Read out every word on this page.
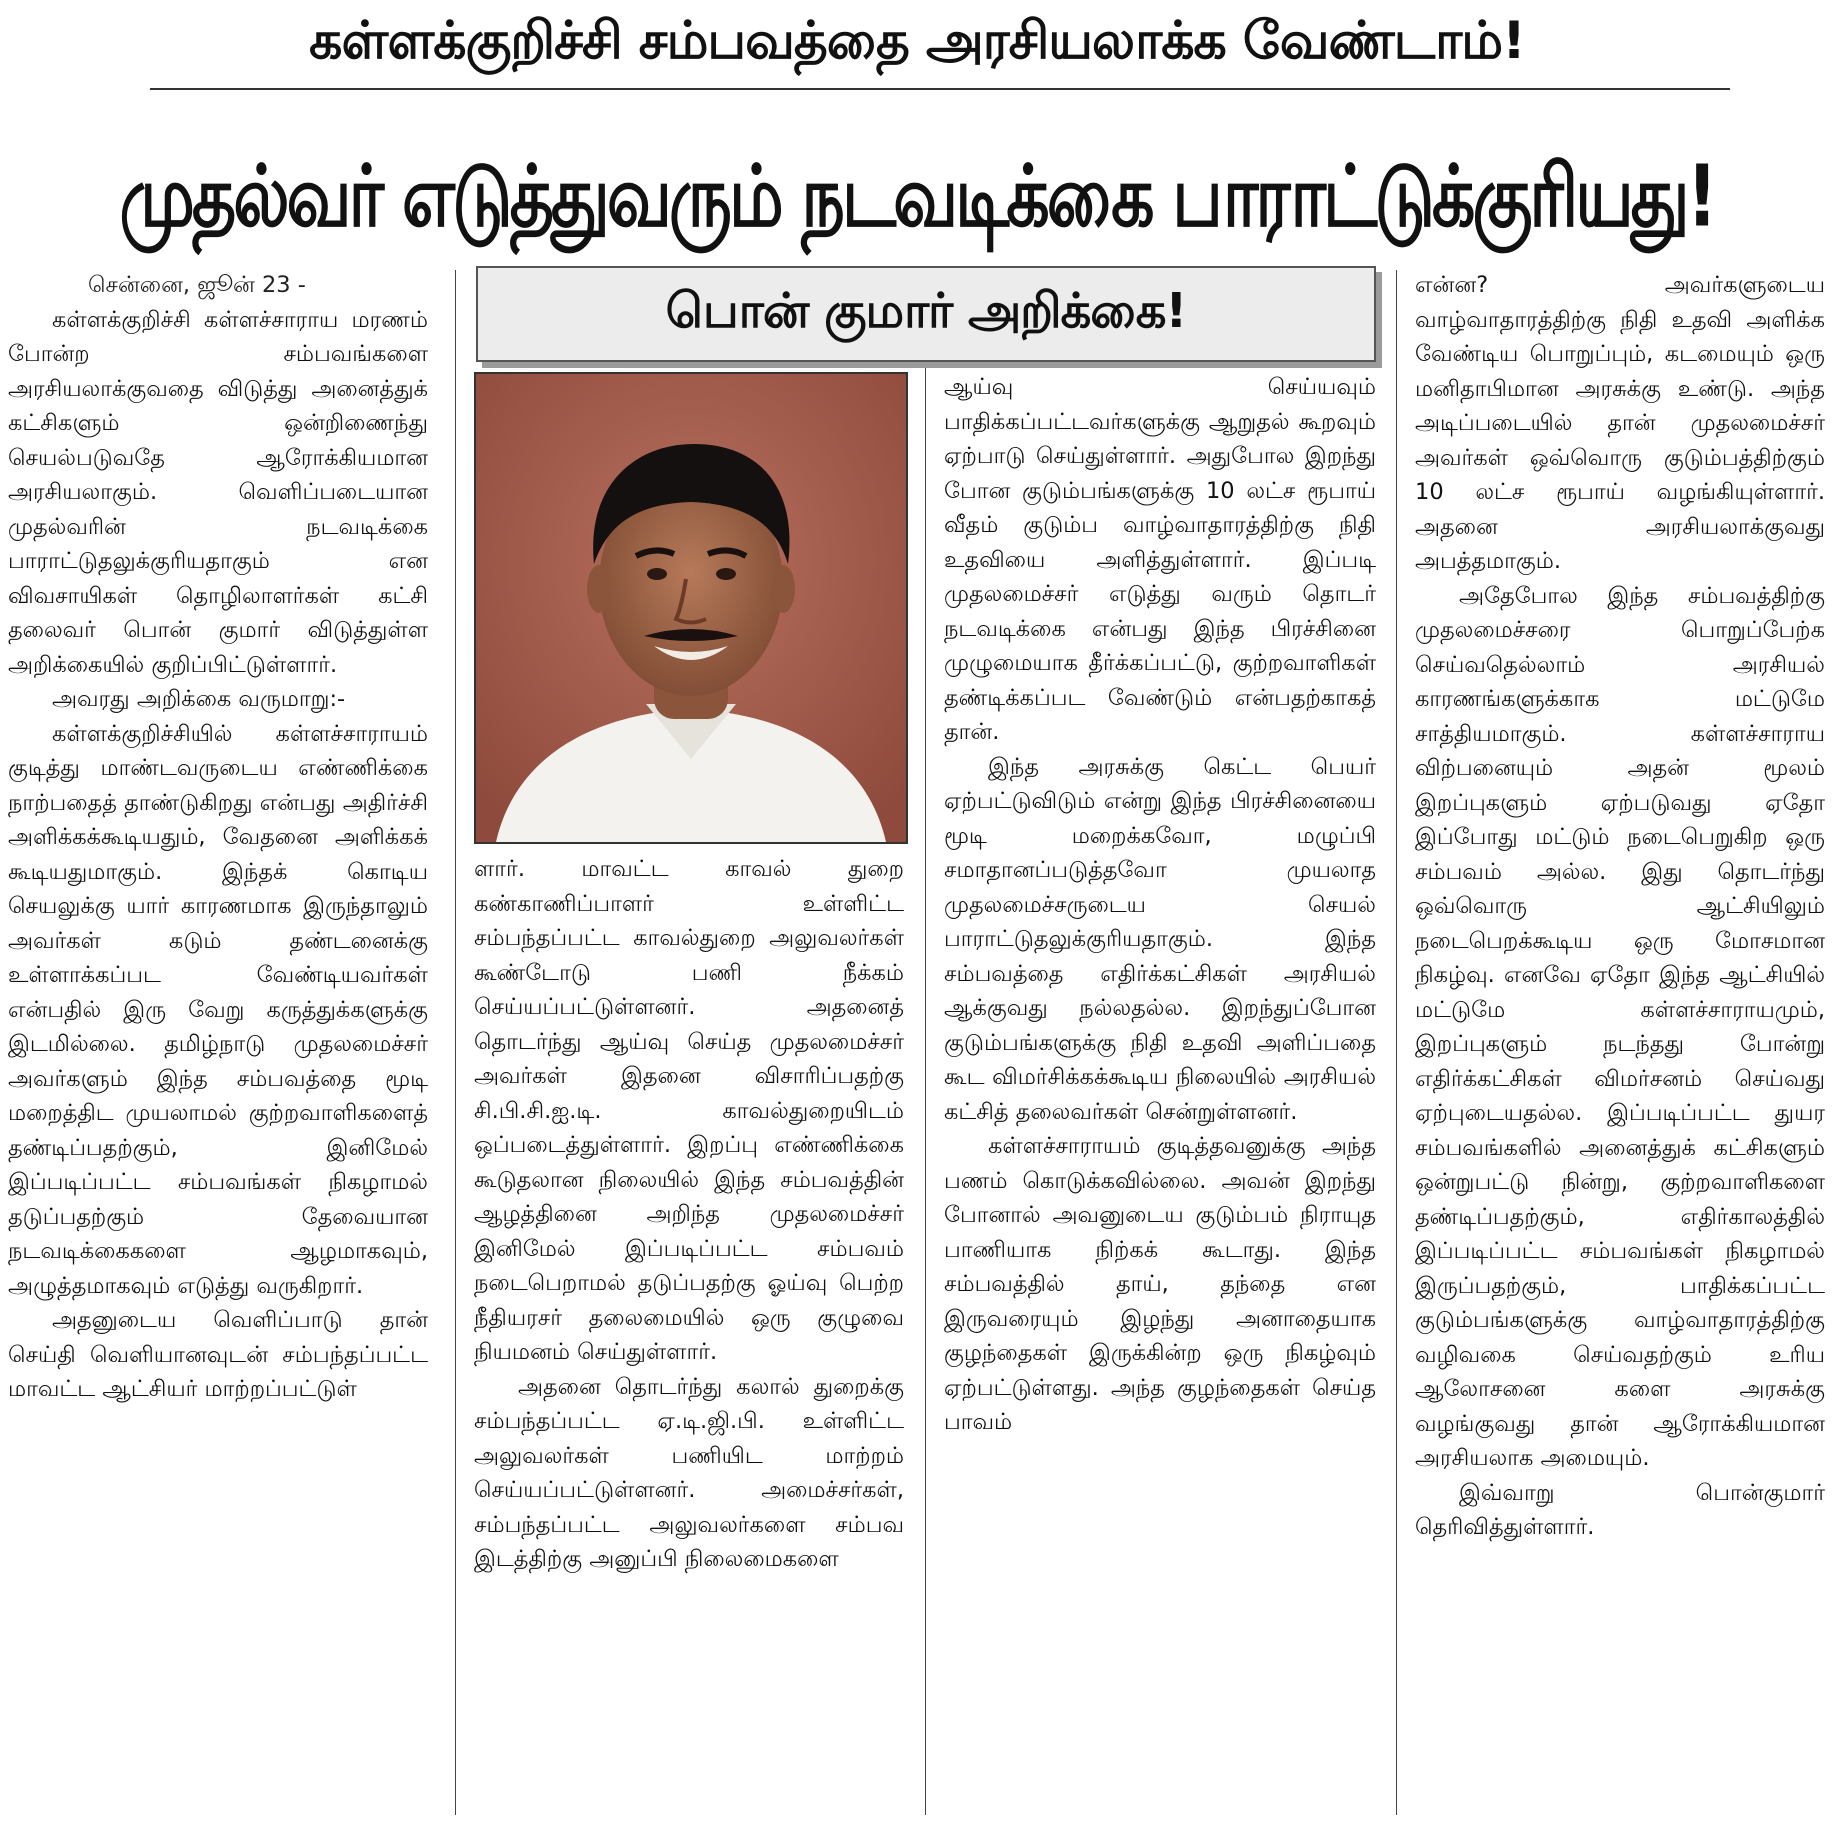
கள்ளக்குறிச்சி சம்பவத்தை அரசியலாக்க வேண்டாம்!
முதல்வர் எடுத்துவரும் நடவடிக்கை பாராட்டுக்குரியது!

சென்னை, ஜூன் 23 -

கள்ளக்குறிச்சி கள்ளச்சாராய மரணம் போன்ற சம்பவங்களை அரசியலாக்குவதை விடுத்து அனைத்துக் கட்சிகளும் ஒன்றிணைந்து செயல்படுவதே ஆரோக்கியமான அரசியலாகும். வெளிப்படையான முதல்வரின் நடவடிக்கை பாராட்டுதலுக்குரியதாகும் என விவசாயிகள் தொழிலாளர்கள் கட்சி தலைவர் பொன் குமார் விடுத்துள்ள அறிக்கையில் குறிப்பிட்டுள்ளார்.

அவரது அறிக்கை வருமாறு:-

கள்ளக்குறிச்சியில் கள்ளச்சாராயம் குடித்து மாண்டவருடைய எண்ணிக்கை நாற்பதைத் தாண்டுகிறது என்பது அதிர்ச்சி அளிக்கக்கூடியதும், வேதனை அளிக்கக் கூடியதுமாகும். இந்தக் கொடிய செயலுக்கு யார் காரணமாக இருந்தாலும் அவர்கள் கடும் தண்டனைக்கு உள்ளாக்கப்பட வேண்டியவர்கள் என்பதில் இரு வேறு கருத்துக்களுக்கு இடமில்லை. தமிழ்நாடு முதலமைச்சர் அவர்களும் இந்த சம்பவத்தை மூடி மறைத்திட முயலாமல் குற்றவாளிகளைத் தண்டிப்பதற்கும், இனிமேல் இப்படிப்பட்ட சம்பவங்கள் நிகழாமல் தடுப்பதற்கும் தேவையான நடவடிக்கைகளை ஆழமாகவும், அழுத்தமாகவும் எடுத்து வருகிறார்.

அதனுடைய வெளிப்பாடு தான் செய்தி வெளியானவுடன் சம்பந்தப்பட்ட மாவட்ட ஆட்சியர் மாற்றப்பட்டுள்

பொன் குமார் அறிக்கை!

ளார். மாவட்ட காவல் துறை கண்காணிப்பாளர் உள்ளிட்ட சம்பந்தப்பட்ட காவல்துறை அலுவலர்கள் கூண்டோடு பணி நீக்கம் செய்யப்பட்டுள்ளனர். அதனைத் தொடர்ந்து ஆய்வு செய்த முதலமைச்சர் அவர்கள் இதனை விசாரிப்பதற்கு சி.பி.சி.ஐ.டி. காவல்துறையிடம் ஒப்படைத்துள்ளார். இறப்பு எண்ணிக்கை கூடுதலான நிலையில் இந்த சம்பவத்தின் ஆழத்தினை அறிந்த முதலமைச்சர் இனிமேல் இப்படிப்பட்ட சம்பவம் நடைபெறாமல் தடுப்பதற்கு ஓய்வு பெற்ற நீதியரசர் தலைமையில் ஒரு குழுவை நியமனம் செய்துள்ளார்.

அதனை தொடர்ந்து கலால் துறைக்கு சம்பந்தப்பட்ட ஏ.டி.ஜி.பி. உள்ளிட்ட அலுவலர்கள் பணியிட மாற்றம் செய்யப்பட்டுள்ளனர். அமைச்சர்கள், சம்பந்தப்பட்ட அலுவலர்களை சம்பவ இடத்திற்கு அனுப்பி நிலைமைகளை

ஆய்வு செய்யவும் பாதிக்கப்பட்டவர்களுக்கு ஆறுதல் கூறவும் ஏற்பாடு செய்துள்ளார். அதுபோல இறந்து போன குடும்பங்களுக்கு 10 லட்ச ரூபாய் வீதம் குடும்ப வாழ்வாதாரத்திற்கு நிதி உதவியை அளித்துள்ளார். இப்படி முதலமைச்சர் எடுத்து வரும் தொடர் நடவடிக்கை என்பது இந்த பிரச்சினை முழுமையாக தீர்க்கப்பட்டு, குற்றவாளிகள் தண்டிக்கப்பட வேண்டும் என்பதற்காகத் தான்.

இந்த அரசுக்கு கெட்ட பெயர் ஏற்பட்டுவிடும் என்று இந்த பிரச்சினையை மூடி மறைக்கவோ, மழுப்பி சமாதானப்படுத்தவோ முயலாத முதலமைச்சருடைய செயல் பாராட்டுதலுக்குரியதாகும். இந்த சம்பவத்தை எதிர்க்கட்சிகள் அரசியல் ஆக்குவது நல்லதல்ல. இறந்துப்போன குடும்பங்களுக்கு நிதி உதவி அளிப்பதை கூட விமர்சிக்கக்கூடிய நிலையில் அரசியல் கட்சித் தலைவர்கள் சென்றுள்ளனர்.

கள்ளச்சாராயம் குடித்தவனுக்கு அந்த பணம் கொடுக்கவில்லை. அவன் இறந்து போனால் அவனுடைய குடும்பம் நிராயுத பாணியாக நிற்கக் கூடாது. இந்த சம்பவத்தில் தாய், தந்தை என இருவரையும் இழந்து அனாதையாக குழந்தைகள் இருக்கின்ற ஒரு நிகழ்வும் ஏற்பட்டுள்ளது. அந்த குழந்தைகள் செய்த பாவம்

என்ன? அவர்களுடைய வாழ்வாதாரத்திற்கு நிதி உதவி அளிக்க வேண்டிய பொறுப்பும், கடமையும் ஒரு மனிதாபிமான அரசுக்கு உண்டு. அந்த அடிப்படையில் தான் முதலமைச்சர் அவர்கள் ஒவ்வொரு குடும்பத்திற்கும் 10 லட்ச ரூபாய் வழங்கியுள்ளார். அதனை அரசியலாக்குவது அபத்தமாகும்.

அதேபோல இந்த சம்பவத்திற்கு முதலமைச்சரை பொறுப்பேற்க செய்வதெல்லாம் அரசியல் காரணங்களுக்காக மட்டுமே சாத்தியமாகும். கள்ளச்சாராய விற்பனையும் அதன் மூலம் இறப்புகளும் ஏற்படுவது ஏதோ இப்போது மட்டும் நடைபெறுகிற ஒரு சம்பவம் அல்ல. இது தொடர்ந்து ஒவ்வொரு ஆட்சியிலும் நடைபெறக்கூடிய ஒரு மோசமான நிகழ்வு. எனவே ஏதோ இந்த ஆட்சியில் மட்டுமே கள்ளச்சாராயமும், இறப்புகளும் நடந்தது போன்று எதிர்க்கட்சிகள் விமர்சனம் செய்வது ஏற்புடையதல்ல. இப்படிப்பட்ட துயர சம்பவங்களில் அனைத்துக் கட்சிகளும் ஒன்றுபட்டு நின்று, குற்றவாளிகளை தண்டிப்பதற்கும், எதிர்காலத்தில் இப்படிப்பட்ட சம்பவங்கள் நிகழாமல் இருப்பதற்கும், பாதிக்கப்பட்ட குடும்பங்களுக்கு வாழ்வாதாரத்திற்கு வழிவகை செய்வதற்கும் உரிய ஆலோசனை களை அரசுக்கு வழங்குவது தான் ஆரோக்கியமான அரசியலாக அமையும்.

இவ்வாறு பொன்குமார் தெரிவித்துள்ளார்.
